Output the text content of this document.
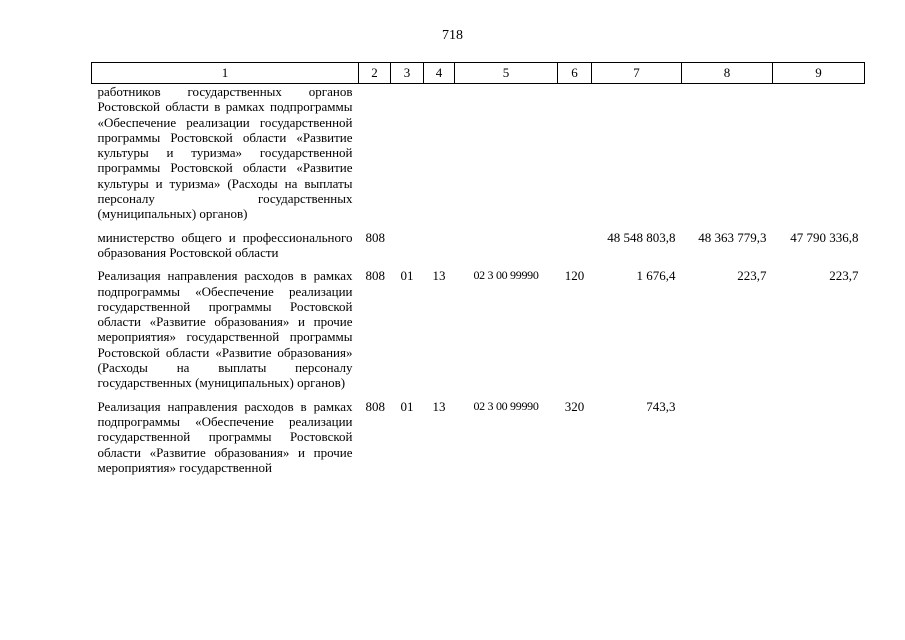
718
1	2	3	4	5	6	7	8	9
работников государственных органов Ростовской области в рамках подпрограммы «Обеспечение реализации государственной программы Ростовской области «Развитие культуры и туризма» государственной программы Ростовской области «Развитие культуры и туризма» (Расходы на выплаты персоналу государственных (муниципальных) органов)								
министерство общего и профессионального образования Ростовской области	808					48 548 803,8	48 363 779,3	47 790 336,8
Реализация направления расходов в рамках подпрограммы «Обеспечение реализации государственной программы Ростовской области «Развитие образования» и прочие мероприятия» государственной программы Ростовской области «Развитие образования» (Расходы на выплаты персоналу государственных (муниципальных) органов)	808	01	13	02 3 00 99990	120	1 676,4	223,7	223,7
Реализация направления расходов в рамках подпрограммы «Обеспечение реализации государственной программы Ростовской области «Развитие образования» и прочие мероприятия» государственной	808	01	13	02 3 00 99990	320	743,3		
